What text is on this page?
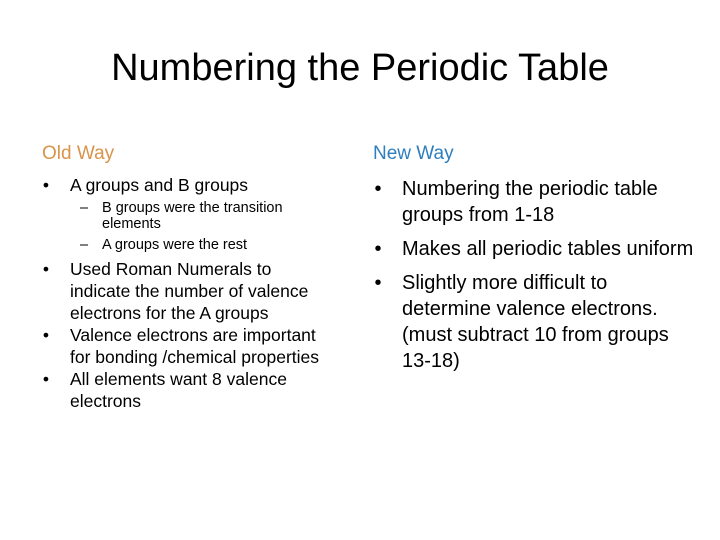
Numbering the Periodic Table
Old Way	New Way
•	A groups and B groups
– B groups were the transition elements
– A groups were the rest
•	Used Roman Numerals to indicate the number of valence electrons for the A groups
•	Valence electrons are important for bonding /chemical properties
•	All elements want 8 valence electrons
•	Numbering the periodic table groups from 1-18
•	Makes all periodic tables uniform
•	Slightly more difficult to determine valence electrons. (must subtract 10 from groups 13-18)
